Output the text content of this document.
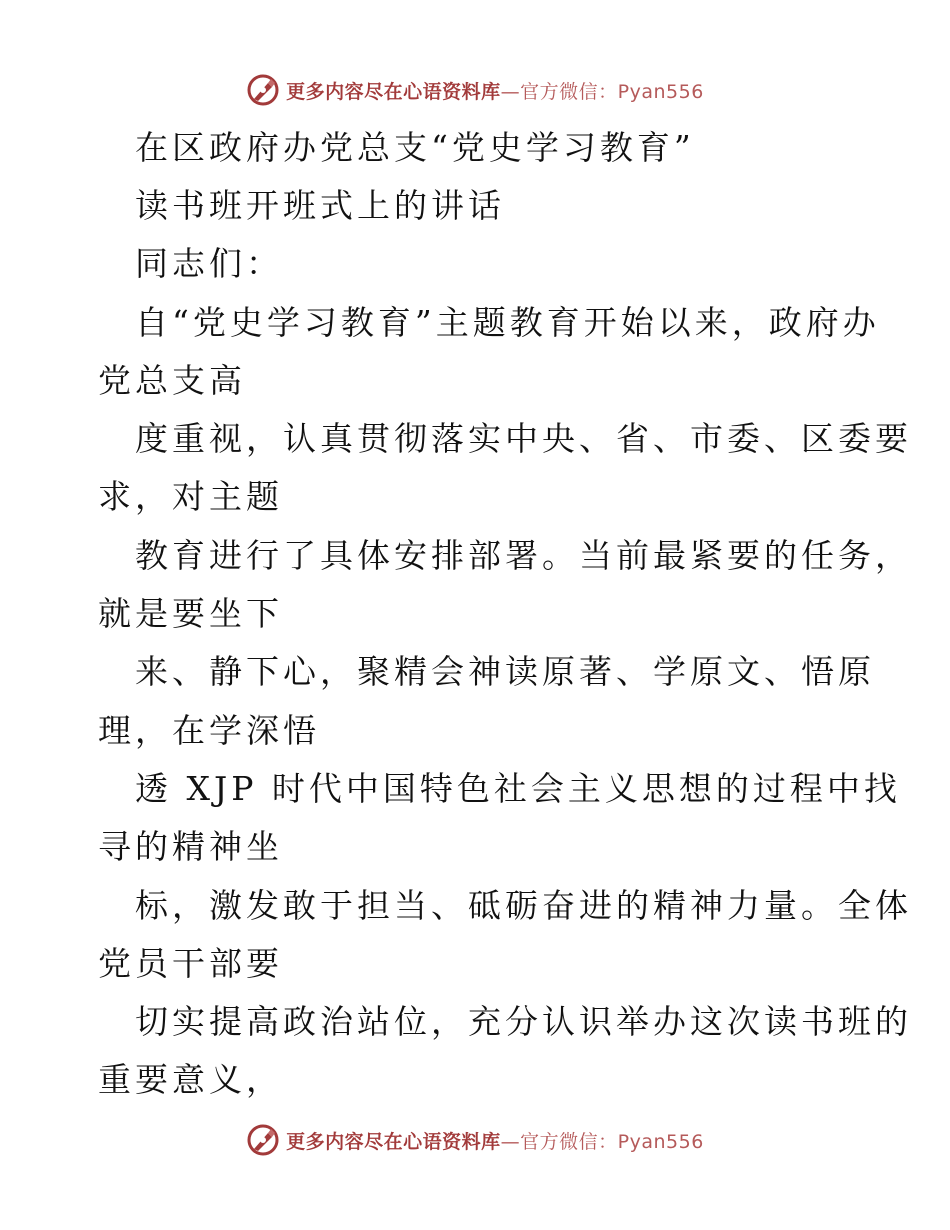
更多内容尽在心语资料库—官方微信：Pyan556
在区政府办党总支“党史学习教育”
读书班开班式上的讲话
同志们：
自“党史学习教育”主题教育开始以来，政府办
党总支高
度重视，认真贯彻落实中央、省、市委、区委要
求，对主题
教育进行了具体安排部署。当前最紧要的任务，
就是要坐下
来、静下心，聚精会神读原著、学原文、悟原
理，在学深悟
透 XJP 时代中国特色社会主义思想的过程中找
寻的精神坐
标，激发敢于担当、砥砺奋进的精神力量。全体
党员干部要
切实提高政治站位，充分认识举办这次读书班的
重要意义，
更多内容尽在心语资料库—官方微信：Pyan556
